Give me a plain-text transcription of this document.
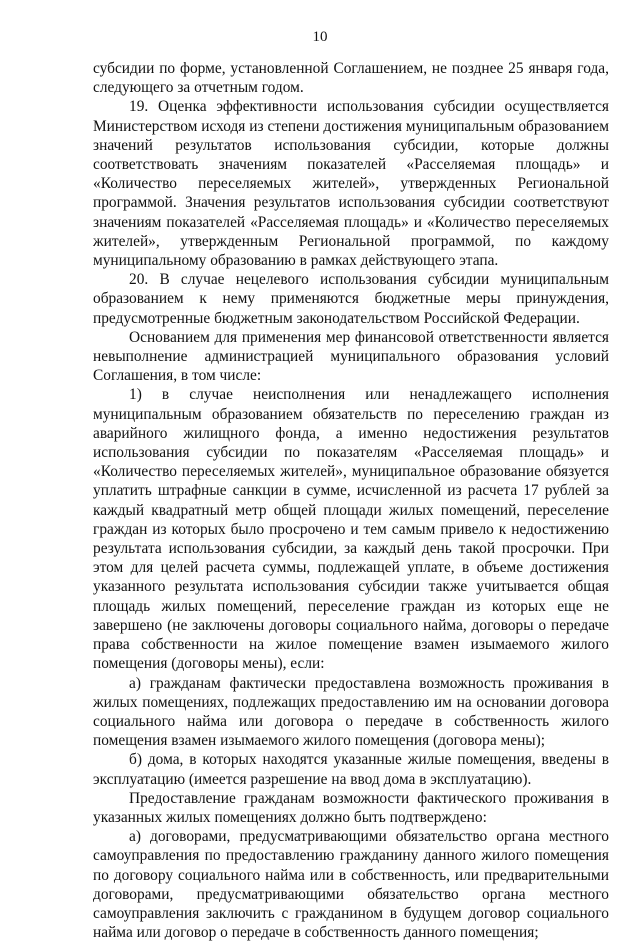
10

субсидии по форме, установленной Соглашением, не позднее 25 января года, следующего за отчетным годом.

19. Оценка эффективности использования субсидии осуществляется Министерством исходя из степени достижения муниципальным образованием значений результатов использования субсидии, которые должны соответствовать значениям показателей «Расселяемая площадь» и «Количество переселяемых жителей», утвержденных Региональной программой. Значения результатов использования субсидии соответствуют значениям показателей «Расселяемая площадь» и «Количество переселяемых жителей», утвержденным Региональной программой, по каждому муниципальному образованию в рамках действующего этапа.

20. В случае нецелевого использования субсидии муниципальным образованием к нему применяются бюджетные меры принуждения, предусмотренные бюджетным законодательством Российской Федерации.

Основанием для применения мер финансовой ответственности является невыполнение администрацией муниципального образования условий Соглашения, в том числе:

1) в случае неисполнения или ненадлежащего исполнения муниципальным образованием обязательств по переселению граждан из аварийного жилищного фонда, а именно недостижения результатов использования субсидии по показателям «Расселяемая площадь» и «Количество переселяемых жителей», муниципальное образование обязуется уплатить штрафные санкции в сумме, исчисленной из расчета 17 рублей за каждый квадратный метр общей площади жилых помещений, переселение граждан из которых было просрочено и тем самым привело к недостижению результата использования субсидии, за каждый день такой просрочки. При этом для целей расчета суммы, подлежащей уплате, в объеме достижения указанного результата использования субсидии также учитывается общая площадь жилых помещений, переселение граждан из которых еще не завершено (не заключены договоры социального найма, договоры о передаче права собственности на жилое помещение взамен изымаемого жилого помещения (договоры мены), если:

а) гражданам фактически предоставлена возможность проживания в жилых помещениях, подлежащих предоставлению им на основании договора социального найма или договора о передаче в собственность жилого помещения взамен изымаемого жилого помещения (договора мены);

б) дома, в которых находятся указанные жилые помещения, введены в эксплуатацию (имеется разрешение на ввод дома в эксплуатацию).

Предоставление гражданам возможности фактического проживания в указанных жилых помещениях должно быть подтверждено:

а) договорами, предусматривающими обязательство органа местного самоуправления по предоставлению гражданину данного жилого помещения по договору социального найма или в собственность, или предварительными договорами, предусматривающими обязательство органа местного самоуправления заключить с гражданином в будущем договор социального найма или договор о передаче в собственность данного помещения;
